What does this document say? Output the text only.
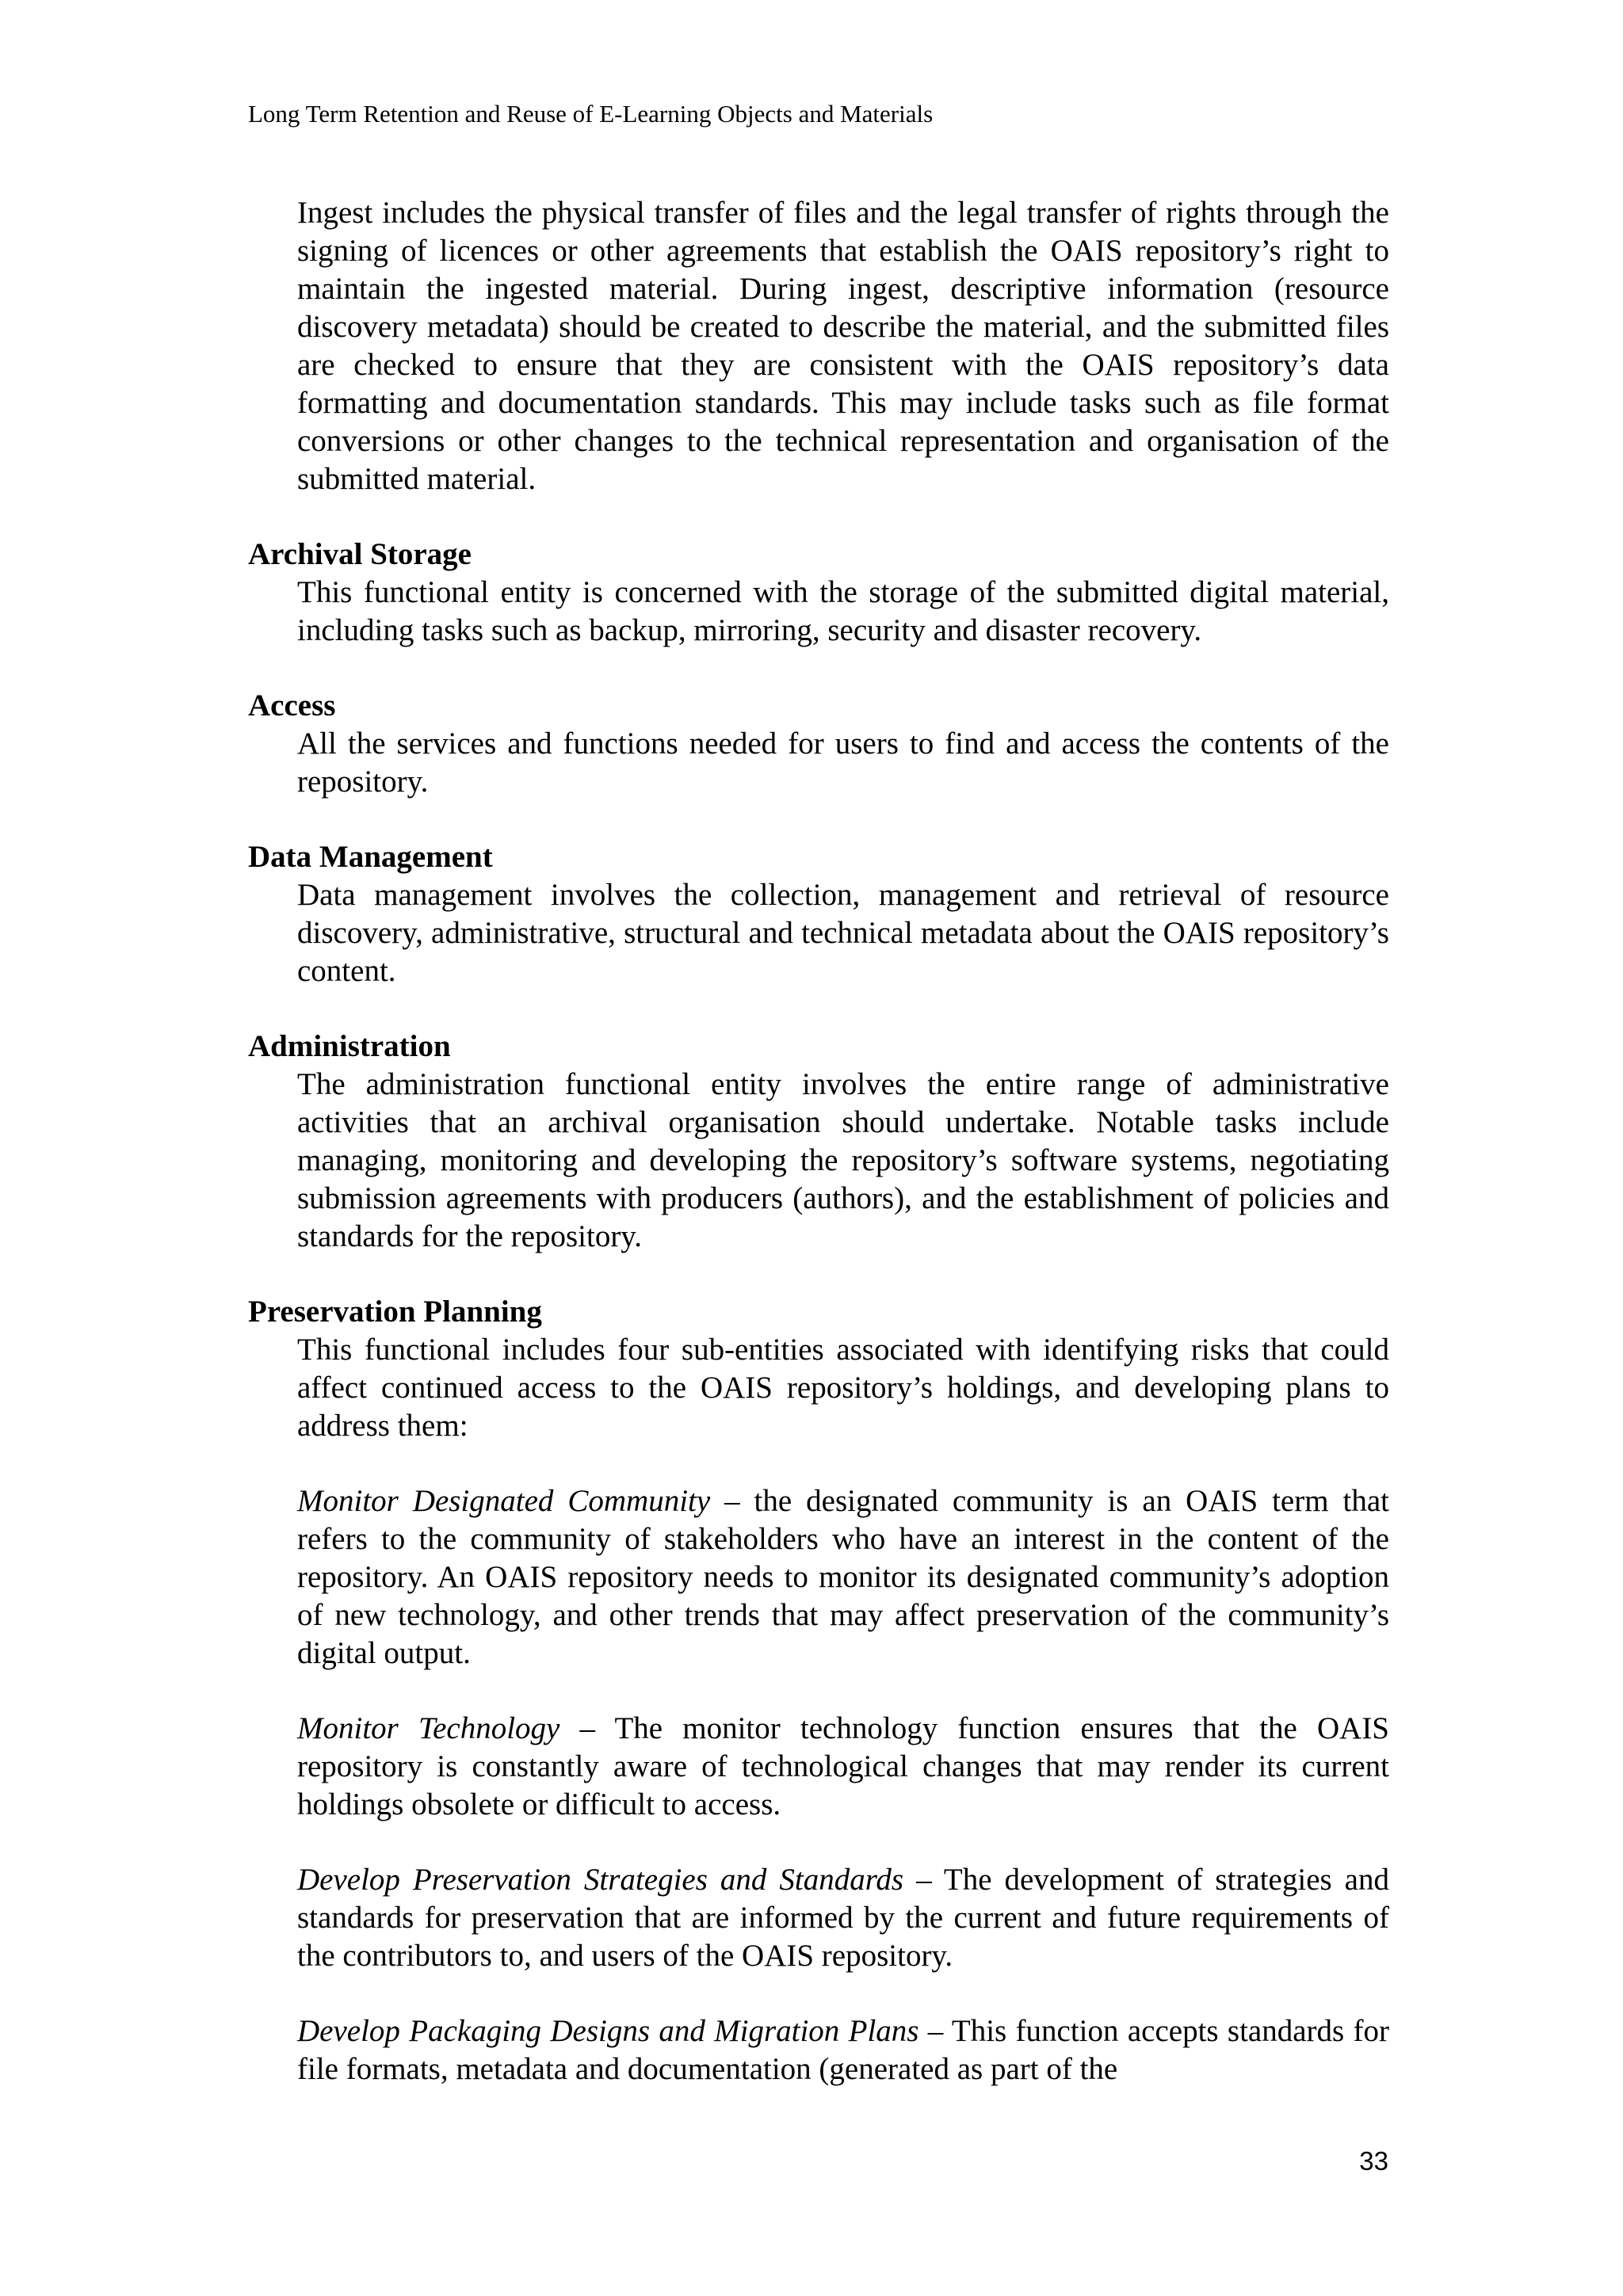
Long Term Retention and Reuse of E-Learning Objects and Materials

Ingest includes the physical transfer of files and the legal transfer of rights through the signing of licences or other agreements that establish the OAIS repository’s right to maintain the ingested material. During ingest, descriptive information (resource discovery metadata) should be created to describe the material, and the submitted files are checked to ensure that they are consistent with the OAIS repository’s data formatting and documentation standards. This may include tasks such as file format conversions or other changes to the technical representation and organisation of the submitted material.

Archival Storage

This functional entity is concerned with the storage of the submitted digital material, including tasks such as backup, mirroring, security and disaster recovery.

Access

All the services and functions needed for users to find and access the contents of the repository.

Data Management

Data management involves the collection, management and retrieval of resource discovery, administrative, structural and technical metadata about the OAIS repository’s content.

Administration

The administration functional entity involves the entire range of administrative activities that an archival organisation should undertake. Notable tasks include managing, monitoring and developing the repository’s software systems, negotiating submission agreements with producers (authors), and the establishment of policies and standards for the repository.

Preservation Planning

This functional includes four sub-entities associated with identifying risks that could affect continued access to the OAIS repository’s holdings, and developing plans to address them:

Monitor Designated Community – the designated community is an OAIS term that refers to the community of stakeholders who have an interest in the content of the repository. An OAIS repository needs to monitor its designated community’s adoption of new technology, and other trends that may affect preservation of the community’s digital output.

Monitor Technology – The monitor technology function ensures that the OAIS repository is constantly aware of technological changes that may render its current holdings obsolete or difficult to access.

Develop Preservation Strategies and Standards – The development of strategies and standards for preservation that are informed by the current and future requirements of the contributors to, and users of the OAIS repository.

Develop Packaging Designs and Migration Plans – This function accepts standards for file formats, metadata and documentation (generated as part of the

33
